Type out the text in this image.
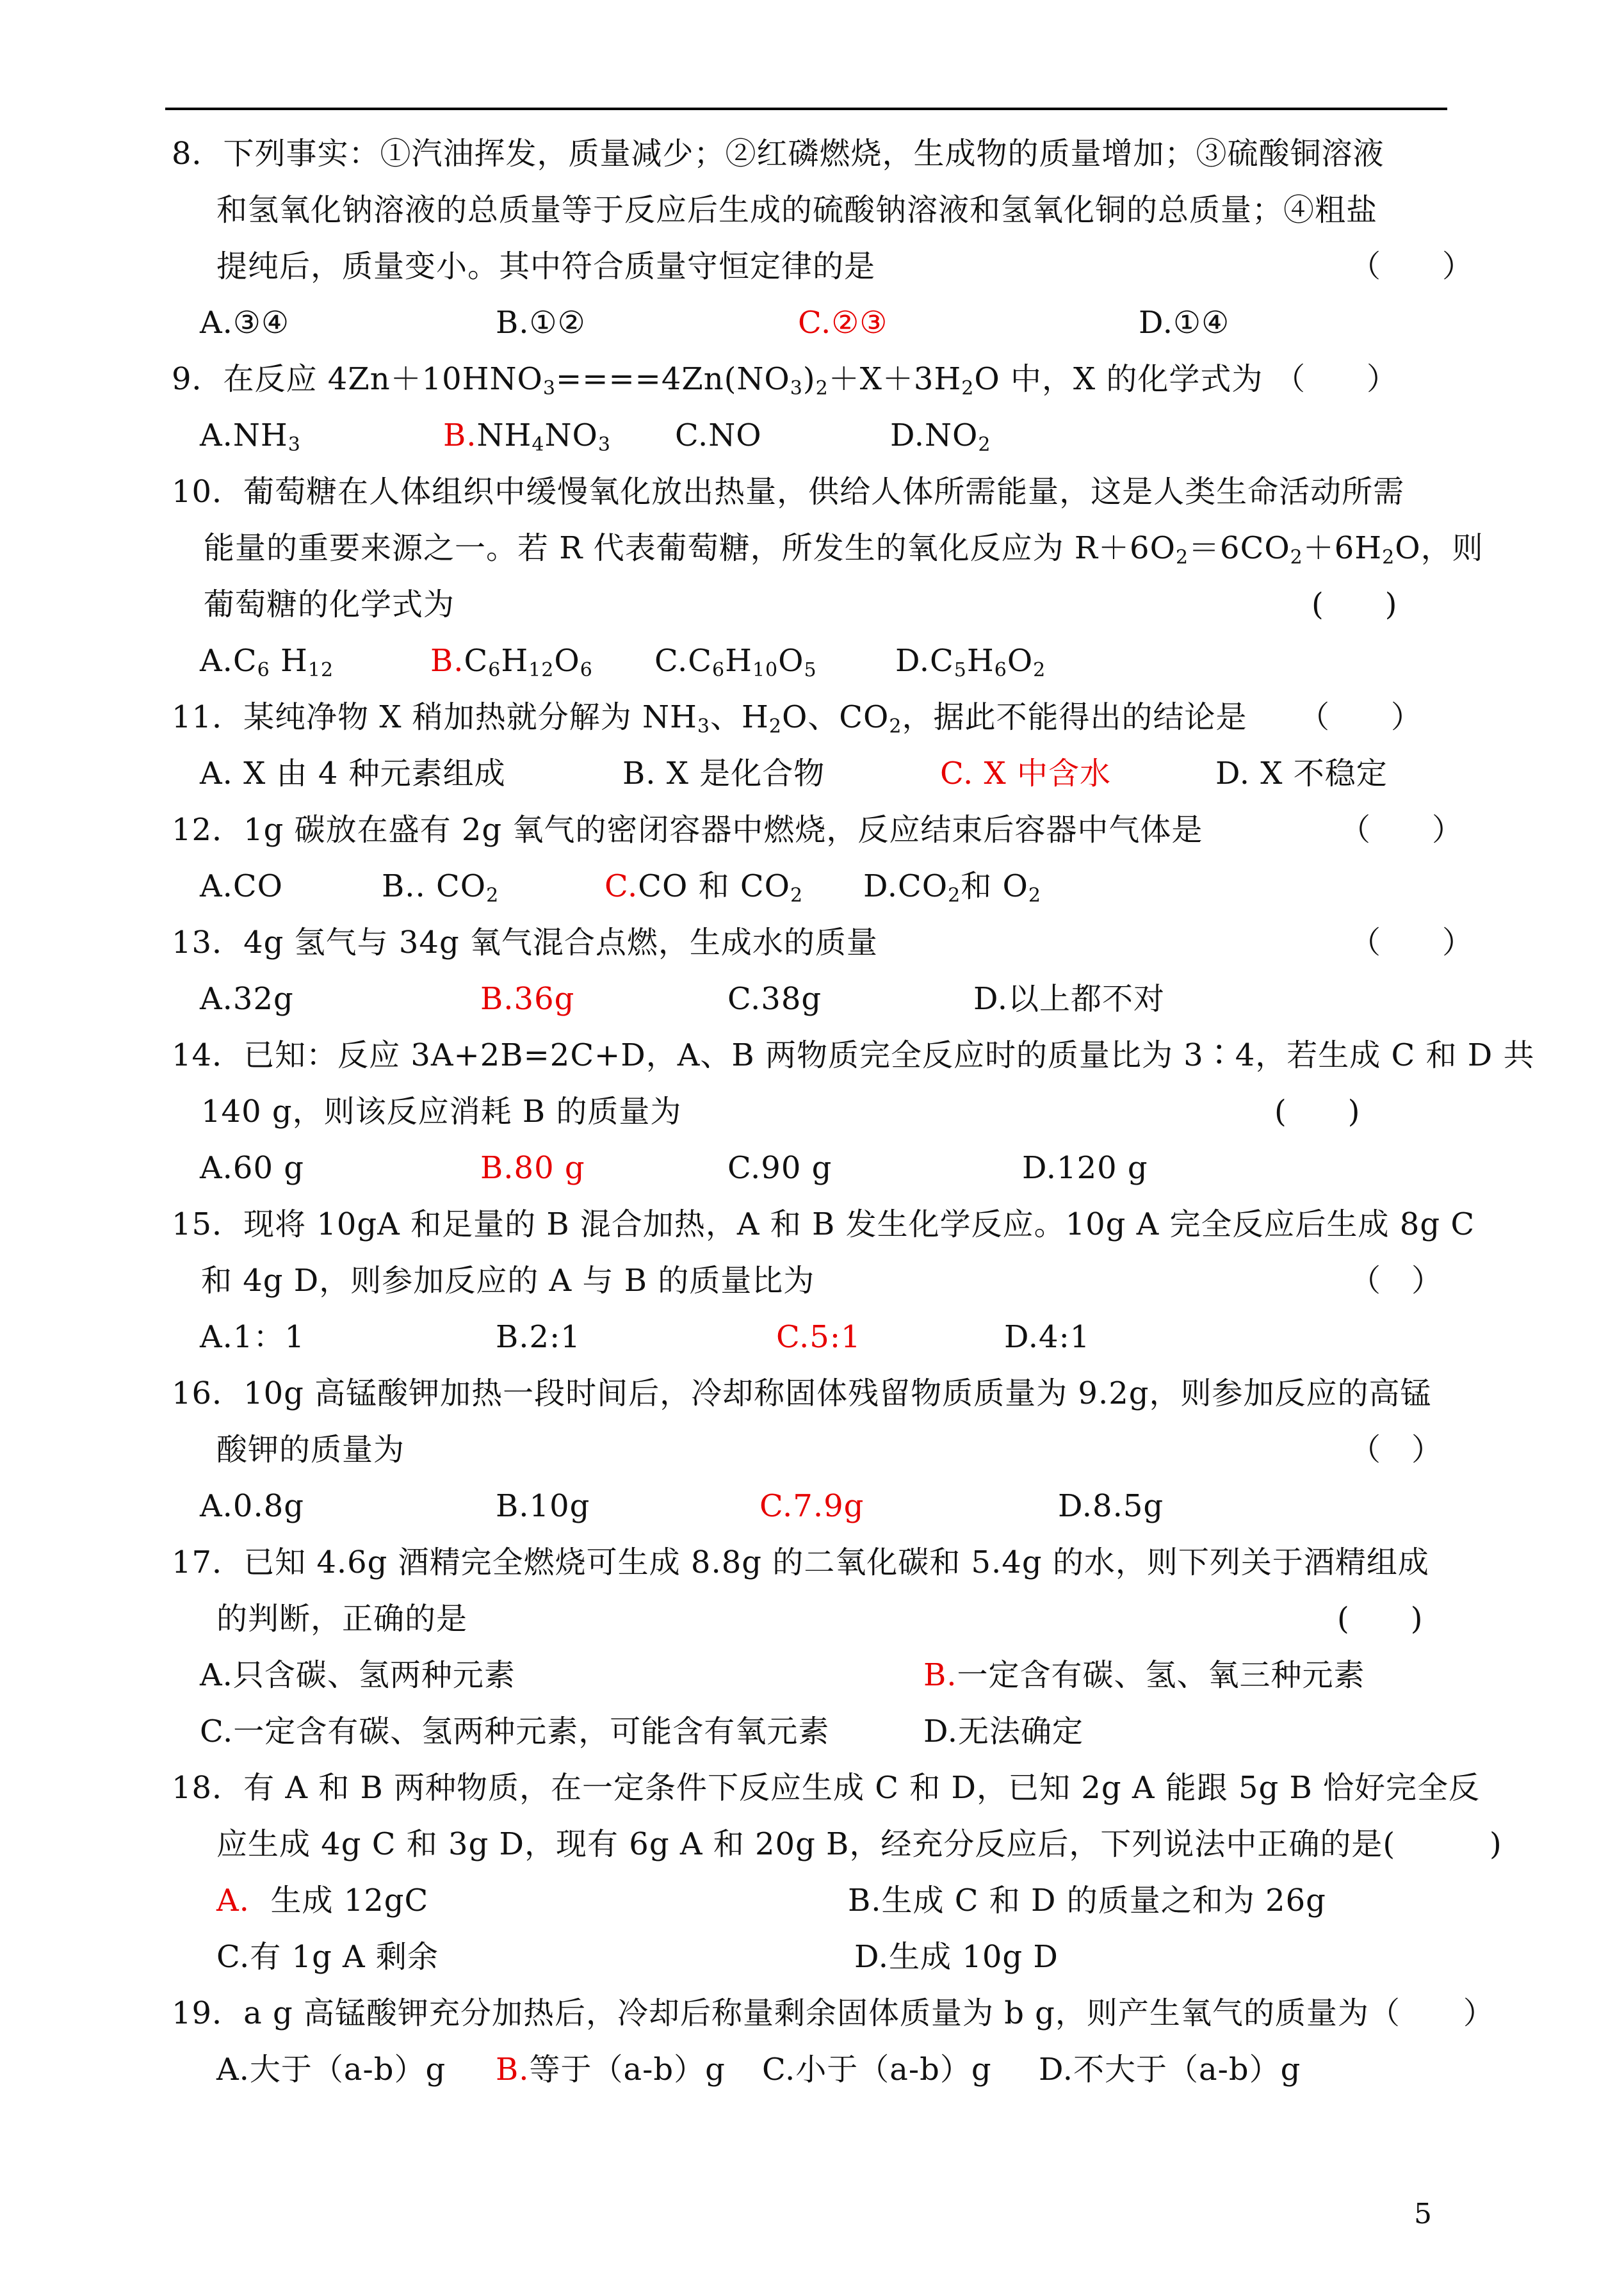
8．下列事实：①汽油挥发，质量减少；②红磷燃烧，生成物的质量增加；③硫酸铜溶液
和氢氧化钠溶液的总质量等于反应后生成的硫酸钠溶液和氢氧化铜的总质量；④粗盐
提纯后，质量变小。其中符合质量守恒定律的是	（　　）

A.③④

	B.①②

	C.②③

	D.①④

9．在反应 $4Zn+10HNO_3====4Zn(NO_3)_2+X+3H_2O$ 中，X 的化学式为 （　　）

$A.NH_3$

	$B.NH_4NO_3$

C.NO

	$D.NO_2$

10．葡萄糖在人体组织中缓慢氧化放出热量，供给人体所需能量，这是人类生命活动所需
能量的重要来源之一。若 R 代表葡萄糖，所发生的氧化反应为 $R+6O_2=6CO_2+6H_2O$，则
葡萄糖的化学式为	(　　)

$A.C_6$ $H_{12}$

	$B.C_6H_{12}O_6$

$C.C_6H_{10}O_5$

	$D.C_5H_6O_2$

11．某纯净物 X 稍加热就分解为 $NH_3$、$H_2O$、$CO_2$，据此不能得出的结论是 （　　）

A. X 由 4 种元素组成

	B. X 是化合物

	C. X 中含水

	D. X 不稳定

12．1g 碳放在盛有 2g 氧气的密闭容器中燃烧，反应结束后容器中气体是	（　　）

A.CO

	B.. $CO_2$

	C.CO 和 $CO_2$

$D.CO_2$和 $O_2$

13．4g 氢气与 34g 氧气混合点燃，生成水的质量	（　　）

A.32g

	B.36g

	C.38g

	D.以上都不对

14．已知：反应 3A+2B=2C+D，A、B 两物质完全反应时的质量比为 3∶4，若生成 C 和 D 共
140 g，则该反应消耗 B 的质量为	(　　)

A.60 g

	B.80 g

	C.90 g

	D.120 g

15．现将 10gA 和足量的 B 混合加热，A 和 B 发生化学反应。10g A 完全反应后生成 8g C
和 4g D，则参加反应的 A 与 B 的质量比为	（　）

A.1：1

	B.2:1

	C.5:1

	D.4:1

16．10g 高锰酸钾加热一段时间后，冷却称固体残留物质质量为 9.2g，则参加反应的高锰
酸钾的质量为	（　）

A.0.8g

	B.10g

	C.7.9g

	D.8.5g

17．已知 4.6g 酒精完全燃烧可生成 8.8g 的二氧化碳和 5.4g 的水，则下列关于酒精组成
的判断，正确的是	(　　)

A.只含碳、氢两种元素

	B.一定含有碳、氢、氧三种元素

C.一定含有碳、氢两种元素，可能含有氧元素

	D.无法确定

18．有 A 和 B 两种物质，在一定条件下反应生成 C 和 D，已知 2g A 能跟 5g B 恰好完全反
应生成 4g C 和 3g D，现有 6g A 和 20g B，经充分反应后，下列说法中正确的是(　　　)

A. 生成 12gC

	B.生成 C 和 D 的质量之和为 26g

C.有 1g A 剩余

	D.生成 10g D

19．a g 高锰酸钾充分加热后，冷却后称量剩余固体质量为 b g，则产生氧气的质量为（　　）

A.大于（a-b）g

B.等于（a-b）g

C.小于（a-b）g

D.不大于（a-b）g

5
